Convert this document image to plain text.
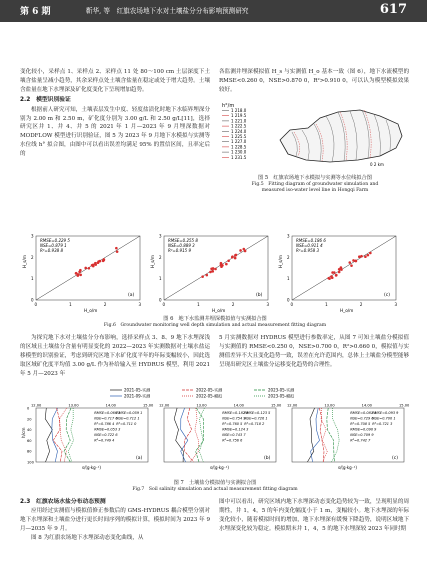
第 6 期	靳华, 等　红旗农场地下水对土壤盐分分布影响预测研究	617

变化较小，采样点 1、采样点 2、采样点 11 处 80～100 cm 土层深度下土壤含盐量呈减小趋势，其余采样点处土壤含盐量在稳定或处于增大趋势。土壤含盐量在地下水埋深及矿化度变化下呈现增加趋势。

2.2　模型识别验证

根据前人研究可知，土壤表层发生中度、轻度盐渍化时地下水临界埋深分别为 2.00 m 和 2.50 m，矿化度分别为 3.00 g/L 和 2.50 g/L[11]，选择研究区井 1、井 4、井 5 的 2021 年 1 月—2023 年 9 月埋深数据对 MODFLOW 模型进行识别验证，图 5 为 2023 年 9 月地下水模拟与实测等水位线 h° 拟合图，由图中可以看出误差均满足 95% 的置信区间，且率定后的

各监测井埋深模拟值 H_s 与实测值 H_o 基本一致（图 6），地下水流模型的 RMSE<0.260 0，NSE>0.870 0，R²>0.910 0，可以认为模型模拟效果较好。

h°/m
1 218.0
1 219.5
1 221.0
1 222.5
1 224.0
1 225.5
1 227.0
1 228.5
1 230.0
1 231.5
0 2 km
图 5　红旗农场地下水模拟与实测等水位线拟合图
Fig.5　Fitting diagram of groundwater simulation and
measured iso-water level line in Hongqi Farm
0
0
1
1
2
2
3
3
RMSE=0.229 5
NSE=0.879 1
R²=0.938 8
(a)
H_o/m
H_s/m
0
0
1
1
2
2
3
3
RMSE=0.255 8
NSE=0.889 3
R²=0.915 9
(b)
H_o/m
H_s/m
0
0
1
1
2
2
3
3
RMSE=0.186 6
NSE=0.911 4
R²=0.958 3
(c)
H_o/m
H_s/m
图 6　地下水监测井埋深模拟值与实测拟合图
Fig.6　Groundwater monitoring well depth simulation and actual measurement fitting diagram

为探究地下水对土壤盐分分布影响，选择采样点 3、8、9 地下水埋深浅的区域且土壤盐分含量有明显变化的 2022—2023 年实测数据对土壤水盐运移模型的识别验证，考虑到研究区地下水矿化度平年的年际变幅较小，因此选取区域矿化度平均值 3.00 g/L 作为补给输入至 HYDRUS 模型，利用 2021 年 5 月—2023 年

5 月实测数据对 HYDRUS 模型进行参数率定，从图 7 可知土壤盐分模拟值与实测值的 RMSE<0.250 0，NSE>0.700 0，R²>0.660 0，模拟值与实测值差异不大且变化趋势一致，误差在允许范围内，总体上土壤盐分模型能够呈现出研究区土壤盐分运移变化趋势的合理性。

2021-05-实测
2021-09-实测
2022-05-实测
2022-05-模拟
2023-05-实测
2023-05-模拟
12.00	13.00	14.00	15.00
0
20
40
60
80
100
s/(g·kg⁻¹)
(a)
RMSE=0.066 1
NSE=0.717 6
R²=0.786 4
RMSE=0.053 3
NSE=0.722 6
R²=0.749 4
RMSE=0.059 1
NSE=0.712 1
R²=0.711 0
12.00	13.00	14.00	15.00
s/(g·kg⁻¹)
(b)
RMSE=0.182 8
NSE=0.754 9
R²=0.760 5
RMSE=0.124 3
NSE=0.743 7
R²=0.756 6
RMSE=0.123 5
NSE=0.726 1
R²=0.718 2
12.00	13.00	14.00	15.00
s/(g·kg⁻¹)
(c)
RMSE=0.081 4
NSE=0.729 6
R²=0.708 5
RMSE=0.090 9
NSE=0.709 9
R²=0.742 7
RMSE=0.093 9
NSE=0.700 1
R²=0.721 3
h/cm
图 7　土壤盐分模拟值与实测拟合图
Fig.7　Soil salinity simulation and actual measurement fitting diagram

2.3　红旗农场水盐分布动态预测

应用经过实测值与模拟值修正参数后的 GMS-HYDRUS 耦合模型分别对地下水埋深和土壤盐分进行更长时间序列的模拟计算，模拟时间为 2023 年 9 月—2035 年 9 月。

图 8 为红旗农场地下水埋深动态变化曲线，从

图中可以看出，研究区域内地下水埋深动态变化趋势较为一致，呈现明显的周期性，井 1，4，5 的年内变化幅度小于 1 m，变幅较小。地下水埋深的年际变化较小，随着模拟时间的增加，地下水埋深有缓慢下降趋势，说明区域地下水埋深变化较为稳定。模拟期末井 1，4，5 的地下水埋深较 2023 年同时期
